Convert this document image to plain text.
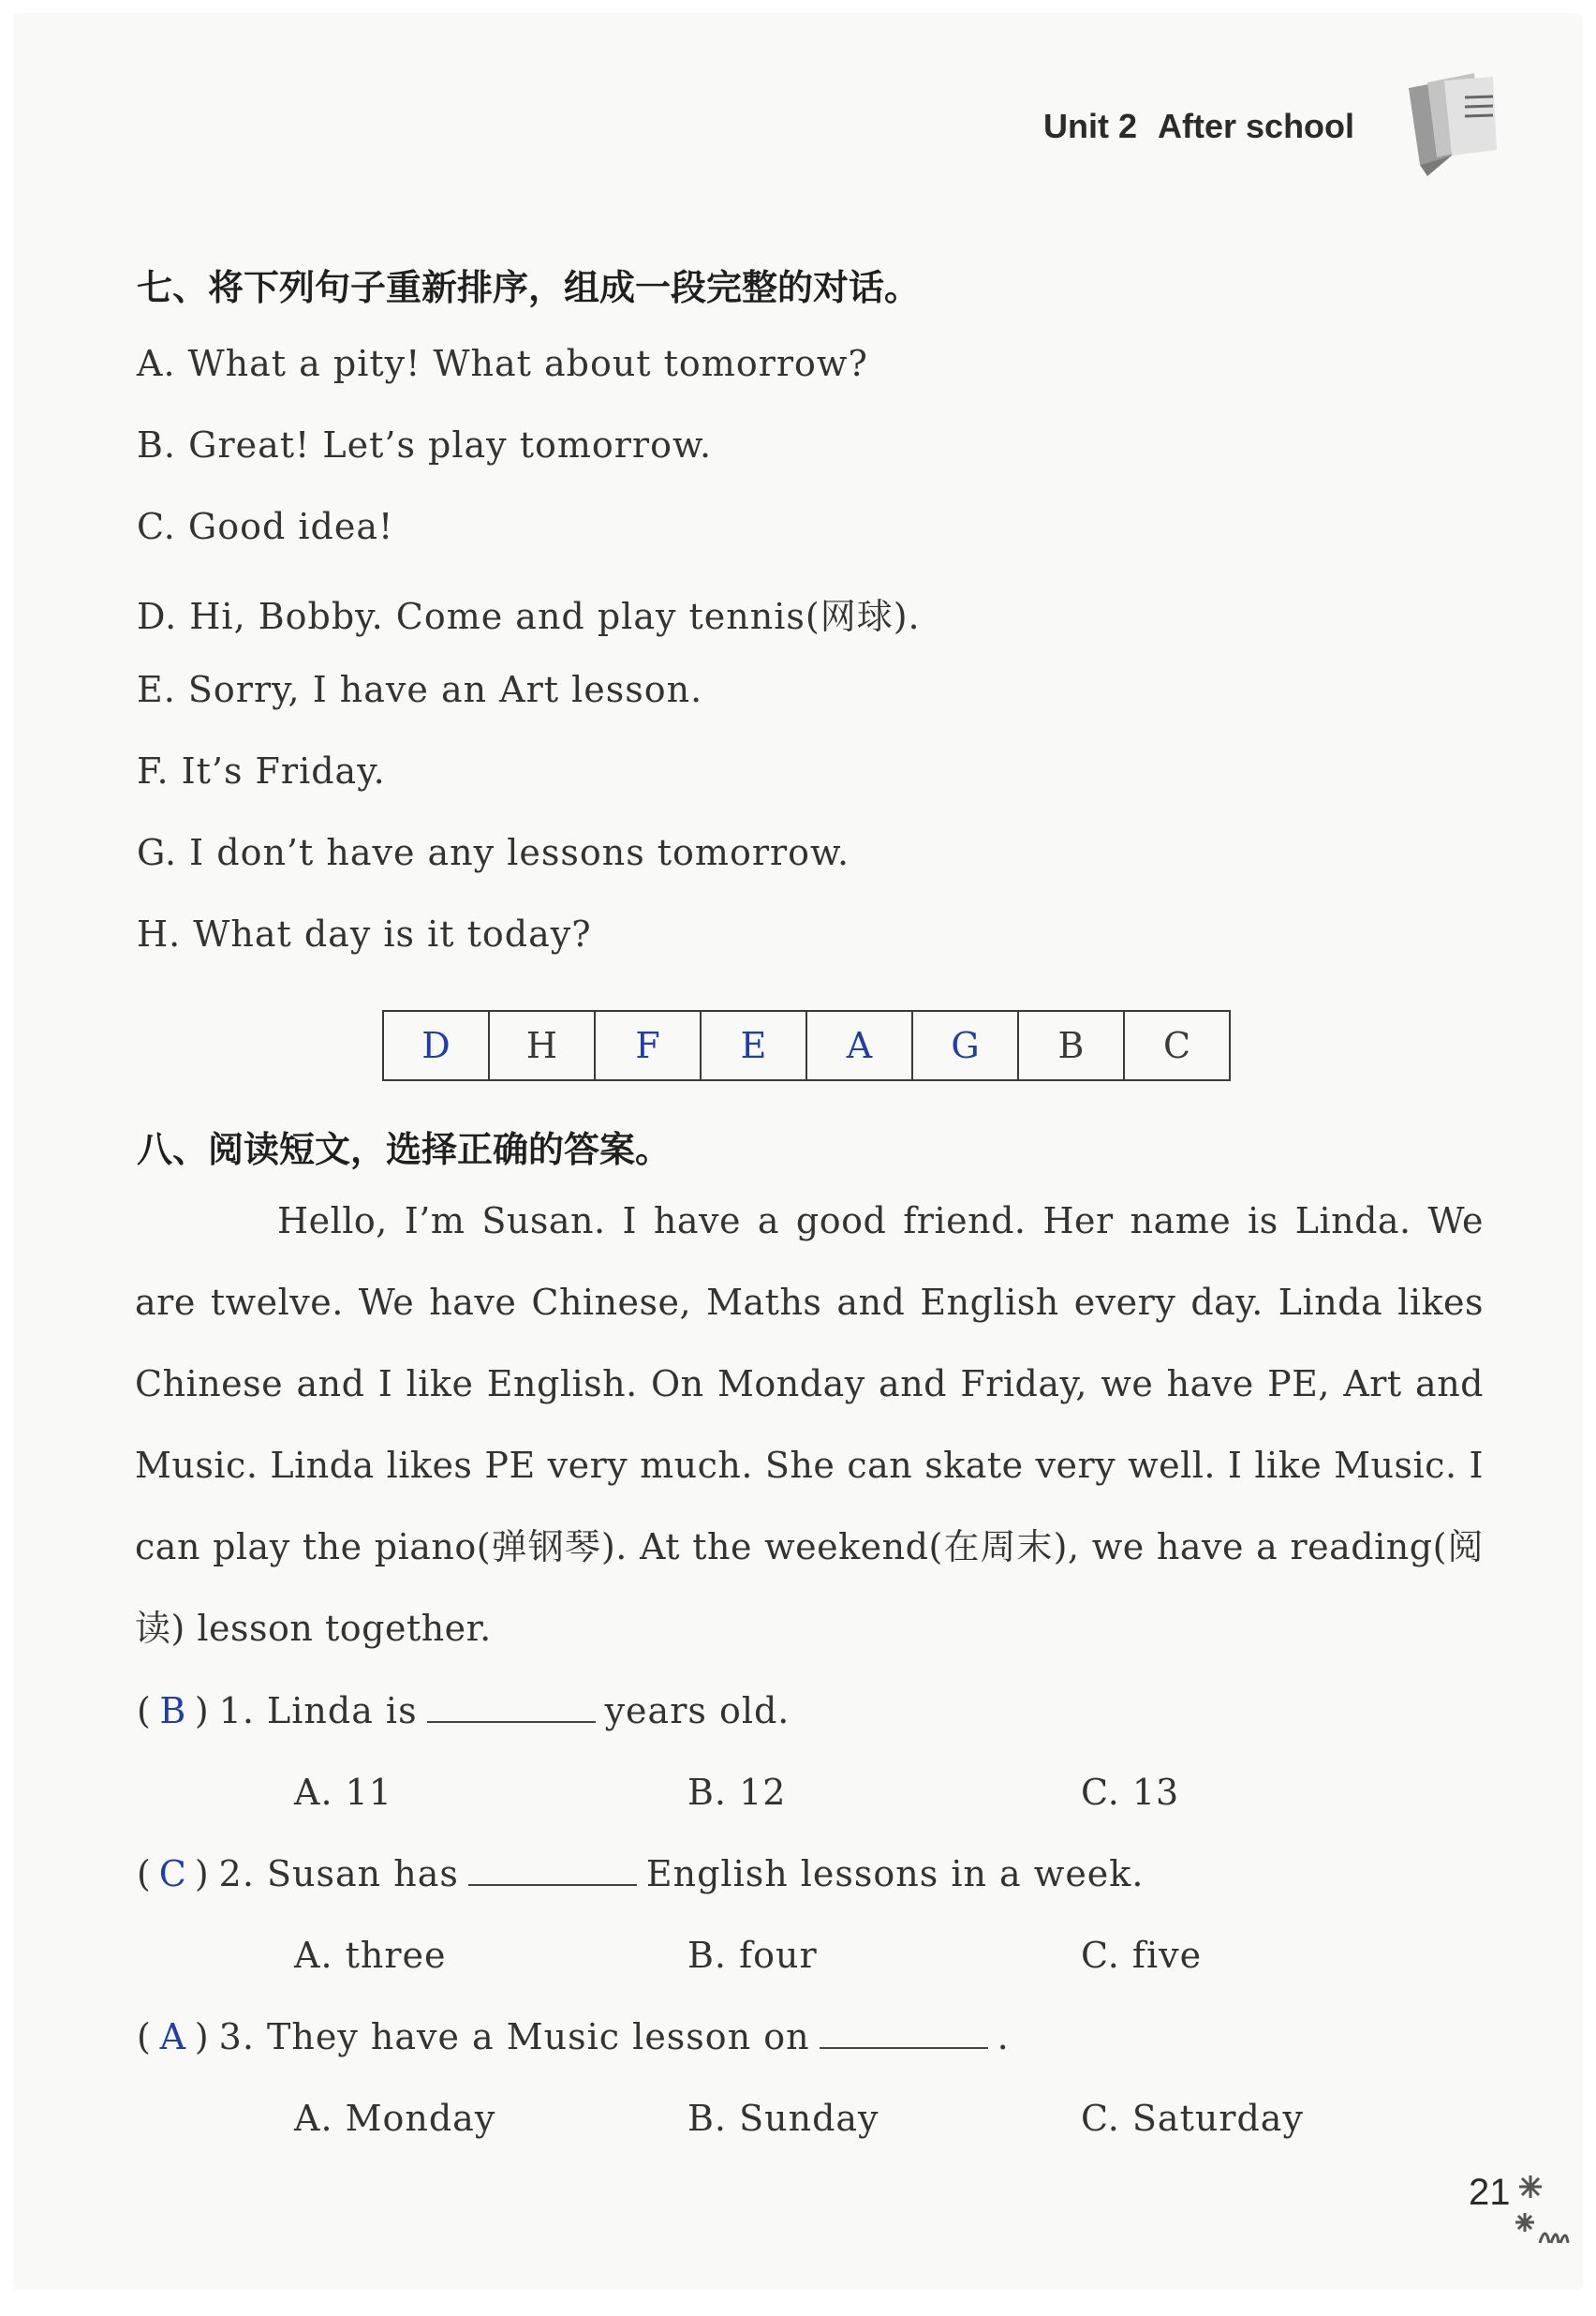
Unit 2 After school
七、将下列句子重新排序，组成一段完整的对话。
A. What a pity! What about tomorrow?
B. Great! Let’s play tomorrow.
C. Good idea!
D. Hi, Bobby. Come and play tennis(网球).
E. Sorry, I have an Art lesson.
F. It’s Friday.
G. I don’t have any lessons tomorrow.
H. What day is it today?
D	H	F	E	A	G	B	C
八、阅读短文，选择正确的答案。
Hello, I’m Susan. I have a good friend. Her name is Linda. We are twelve. We have Chinese, Maths and English every day. Linda likes Chinese and I like English. On Monday and Friday, we have PE, Art and Music. Linda likes PE very much. She can skate very well. I like Music. I can play the piano(弹钢琴). At the weekend(在周末), we have a reading(阅读) lesson together.
( B ) 1. Linda is	years old.
A. 11	B. 12	C. 13
( C ) 2. Susan has	English lessons in a week.
A. three	B. four	C. five
( A ) 3. They have a Music lesson on	.
A. Monday	B. Sunday	C. Saturday
21
